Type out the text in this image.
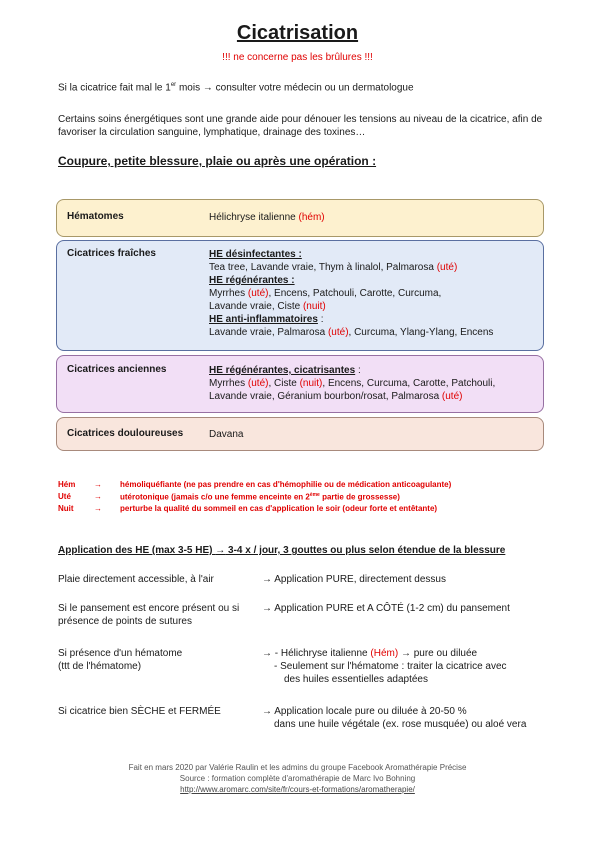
Cicatrisation
!!! ne concerne pas les brûlures !!!
Si la cicatrice fait mal le 1er mois → consulter votre médecin ou un dermatologue
Certains soins énergétiques sont une grande aide pour dénouer les tensions au niveau de la cicatrice, afin de favoriser la circulation sanguine, lymphatique, drainage des toxines…
Coupure, petite blessure, plaie ou après une opération :
Hématomes	Hélichryse italienne (hém)
Cicatrices fraîches	HE désinfectantes :
Tea tree, Lavande vraie, Thym à linalol, Palmarosa (uté)
HE régénérantes :
Myrrhes (uté), Encens, Patchouli, Carotte, Curcuma,
Lavande vraie, Ciste (nuit)
HE anti-inflammatoires :
Lavande vraie, Palmarosa (uté), Curcuma, Ylang-Ylang, Encens
Cicatrices anciennes	HE régénérantes, cicatrisantes :
Myrrhes (uté), Ciste (nuit), Encens, Curcuma, Carotte, Patchouli,
Lavande vraie, Géranium bourbon/rosat, Palmarosa (uté)
Cicatrices douloureuses	Davana
Hém	→ hémoliquéfiante (ne pas prendre en cas d'hémophilie ou de médication anticoagulante)
Uté	→ utérotonique (jamais c/o une femme enceinte en 2ème partie de grossesse)
Nuit	→ perturbe la qualité du sommeil en cas d'application le soir (odeur forte et entêtante)
Application des HE (max 3-5 HE) → 3-4 x / jour, 3 gouttes ou plus selon étendue de la blessure
Plaie directement accessible, à l'air	→ Application PURE, directement dessus
Si le pansement est encore présent ou si présence de points de sutures
→ Application PURE et A CÔTÉ (1-2 cm) du pansement
Si présence d'un hématome
(ttt de l'hématome)
→ - Hélichryse italienne (Hém) → pure ou diluée
- Seulement sur l'hématome : traiter la cicatrice avec
des huiles essentielles adaptées
Si cicatrice bien SÈCHE et FERMÉE	→ Application locale pure ou diluée à 20-50 %
dans une huile végétale (ex. rose musquée) ou aloé vera
Fait en mars 2020 par Valérie Raulin et les admins du groupe Facebook Aromathérapie Précise
Source : formation complète d'aromathérapie de Marc Ivo Bohning
http://www.aromarc.com/site/fr/cours-et-formations/aromatherapie/
